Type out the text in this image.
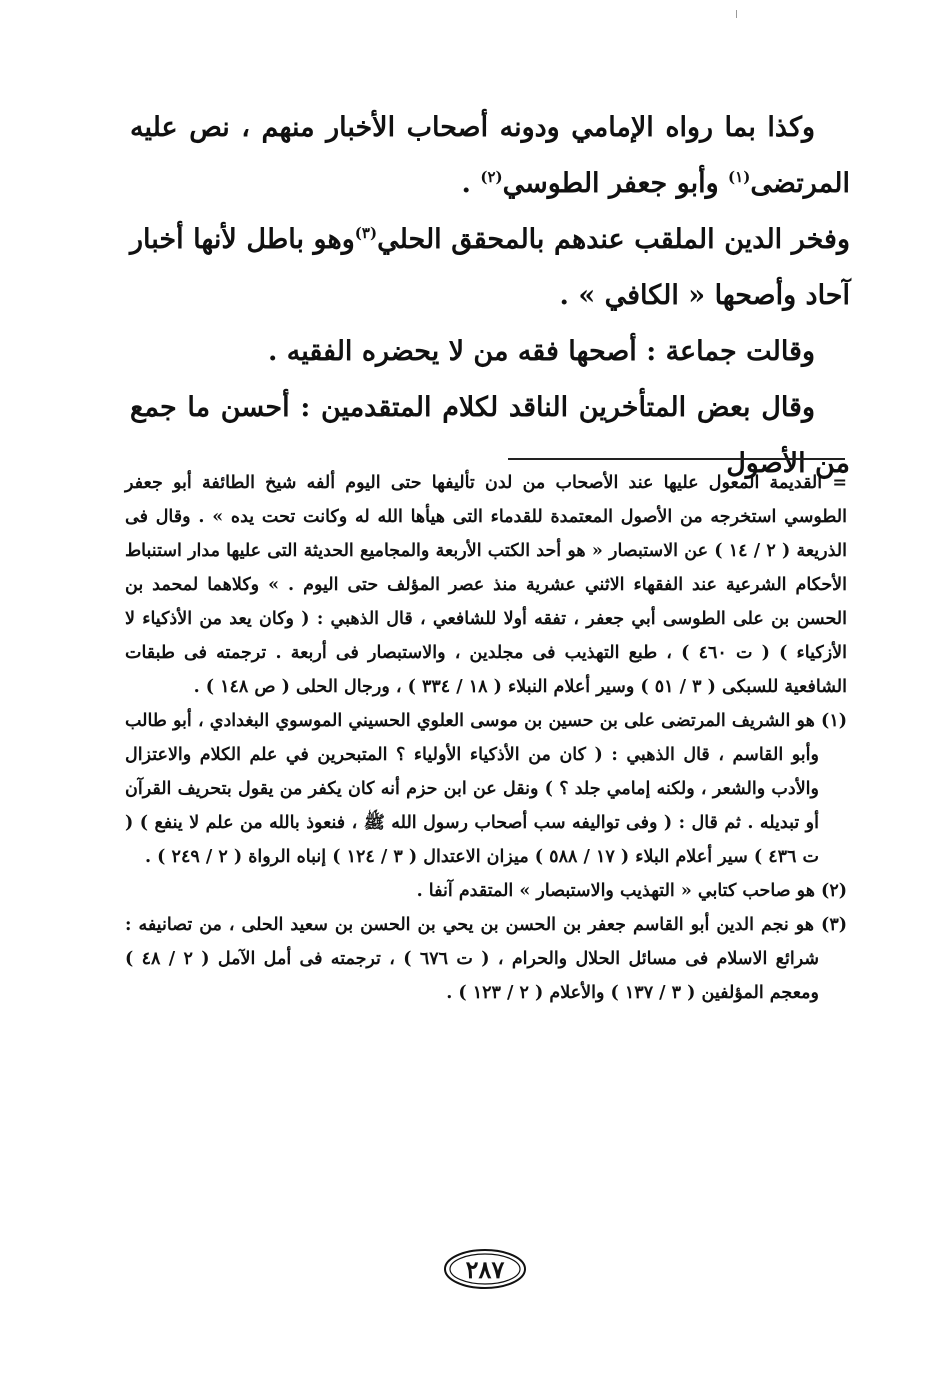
وكذا بما رواه الإمامي ودونه أصحاب الأخبار منهم ، نص عليه المرتضى$^{(١)}$ وأبو جعفر الطوسي$^{(٢)}$ .

وفخر الدين الملقب عندهم بالمحقق الحلي$^{(٣)}$وهو باطل لأنها أخبار آحاد وأصحها « الكافي » .

وقالت جماعة : أصحها فقه من لا يحضره الفقيه .

وقال بعض المتأخرين الناقد لكلام المتقدمين : أحسن ما جمع من الأصول

= القديمة المعول عليها عند الأصحاب من لدن تأليفها حتى اليوم ألفه شيخ الطائفة أبو جعفر الطوسي استخرجه من الأصول المعتمدة للقدماء التى هيأها الله له وكانت تحت يده » . وقال فى الذريعة ( ٢ / ١٤ ) عن الاستبصار « هو أحد الكتب الأربعة والمجاميع الحديثة التى عليها مدار استنباط الأحكام الشرعية عند الفقهاء الاثني عشرية منذ عصر المؤلف حتى اليوم . » وكلاهما لمحمد بن الحسن بن على الطوسى أبي جعفر ، تفقه أولا للشافعي ، قال الذهبي : ( وكان يعد من الأذكياء لا الأزكياء ) ( ت ٤٦٠ ) ، طبع التهذيب فى مجلدين ، والاستبصار فى أربعة . ترجمته فى طبقات الشافعية للسبكى ( ٣ / ٥١ ) وسير أعلام النبلاء ( ١٨ / ٣٣٤ ) ، ورجال الحلى ( ص ١٤٨ ) .

(١) هو الشريف المرتضى على بن حسين بن موسى العلوي الحسيني الموسوي البغدادي ، أبو طالب وأبو القاسم ، قال الذهبي : ( كان من الأذكياء الأولياء ؟ المتبحرين في علم الكلام والاعتزال والأدب والشعر ، ولكنه إمامي جلد ؟ ) ونقل عن ابن حزم أنه كان يكفر من يقول بتحريف القرآن أو تبديله . ثم قال : ( وفى تواليفه سب أصحاب رسول الله ﷺ ، فنعوذ بالله من علم لا ينفع ) ( ت ٤٣٦ ) سير أعلام البلاء ( ١٧ / ٥٨٨ ) ميزان الاعتدال ( ٣ / ١٢٤ ) إنباه الرواة ( ٢ / ٢٤٩ ) .

(٢) هو صاحب كتابي « التهذيب والاستبصار » المتقدم آنفا .

(٣) هو نجم الدين أبو القاسم جعفر بن الحسن بن يحي بن الحسن بن سعيد الحلى ، من تصانيفه : شرائع الاسلام فى مسائل الحلال والحرام ، ( ت ٦٧٦ ) ، ترجمته فى أمل الآمل ( ٢ / ٤٨ ) ومعجم المؤلفين ( ٣ / ١٣٧ ) والأعلام ( ٢ / ١٢٣ ) .

٢٨٧
